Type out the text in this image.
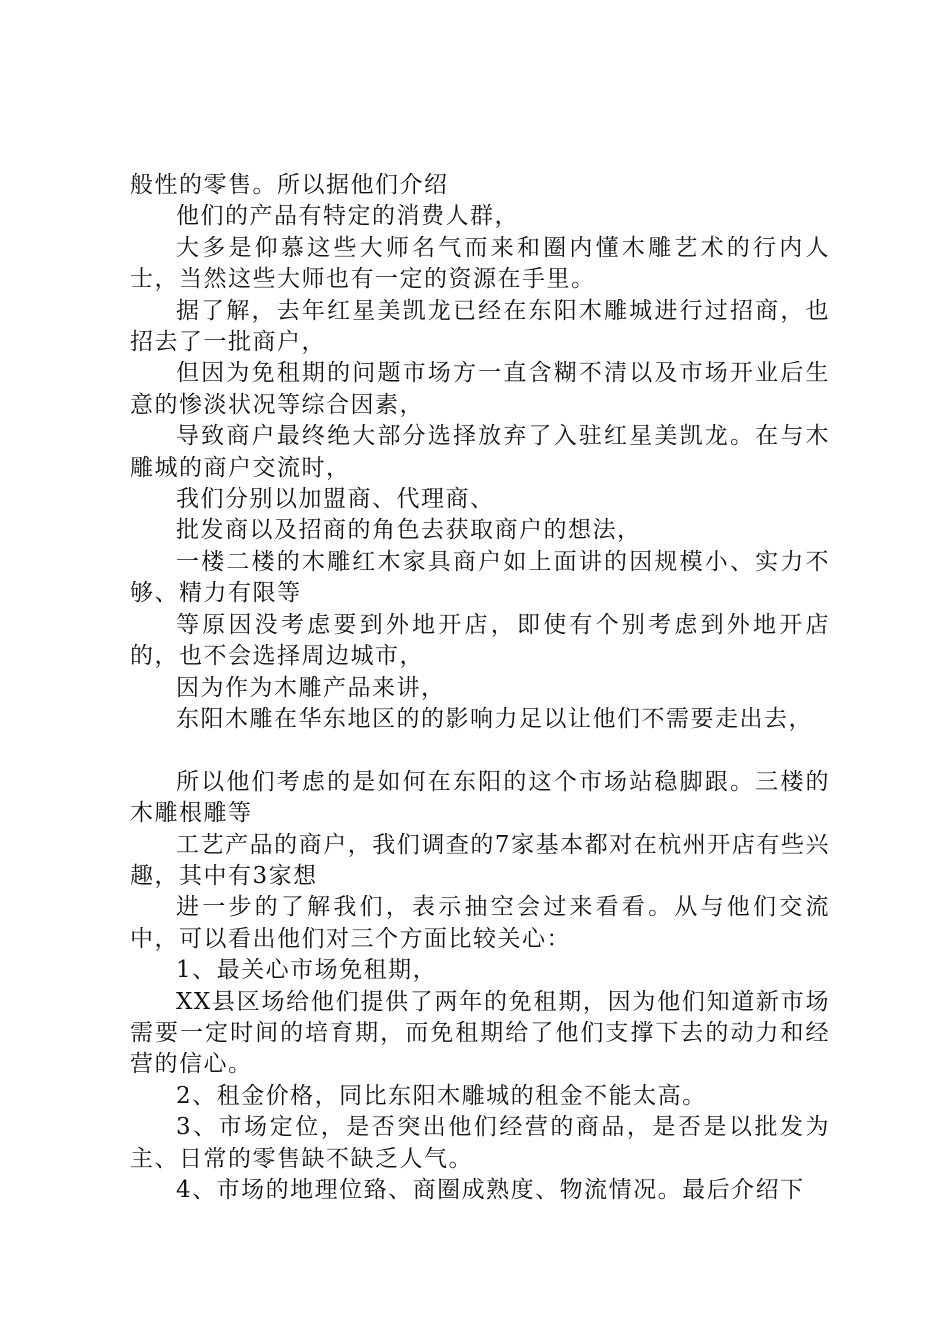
般性的零售。所以据他们介绍

他们的产品有特定的消费人群，

大多是仰慕这些大师名气而来和圈内懂木雕艺术的行内人士，当然这些大师也有一定的资源在手里。

据了解，去年红星美凯龙已经在东阳木雕城进行过招商，也招去了一批商户，

但因为免租期的问题市场方一直含糊不清以及市场开业后生意的惨淡状况等综合因素，

导致商户最终绝大部分选择放弃了入驻红星美凯龙。在与木雕城的商户交流时，

我们分别以加盟商、代理商、

批发商以及招商的角色去获取商户的想法，

一楼二楼的木雕红木家具商户如上面讲的因规模小、实力不够、精力有限等

等原因没考虑要到外地开店，即使有个别考虑到外地开店的，也不会选择周边城市，

因为作为木雕产品来讲，

东阳木雕在华东地区的的影响力足以让他们不需要走出去，

所以他们考虑的是如何在东阳的这个市场站稳脚跟。三楼的木雕根雕等

工艺产品的商户，我们调查的7家基本都对在杭州开店有些兴趣，其中有3家想

进一步的了解我们，表示抽空会过来看看。从与他们交流中，可以看出他们对三个方面比较关心：

1、最关心市场免租期，

XX县区场给他们提供了两年的免租期，因为他们知道新市场需要一定时间的培育期，而免租期给了他们支撑下去的动力和经营的信心。

2、租金价格，同比东阳木雕城的租金不能太高。

3、市场定位，是否突出他们经营的商品，是否是以批发为主、日常的零售缺不缺乏人气。

4、市场的地理位臵、商圈成熟度、物流情况。最后介绍下
